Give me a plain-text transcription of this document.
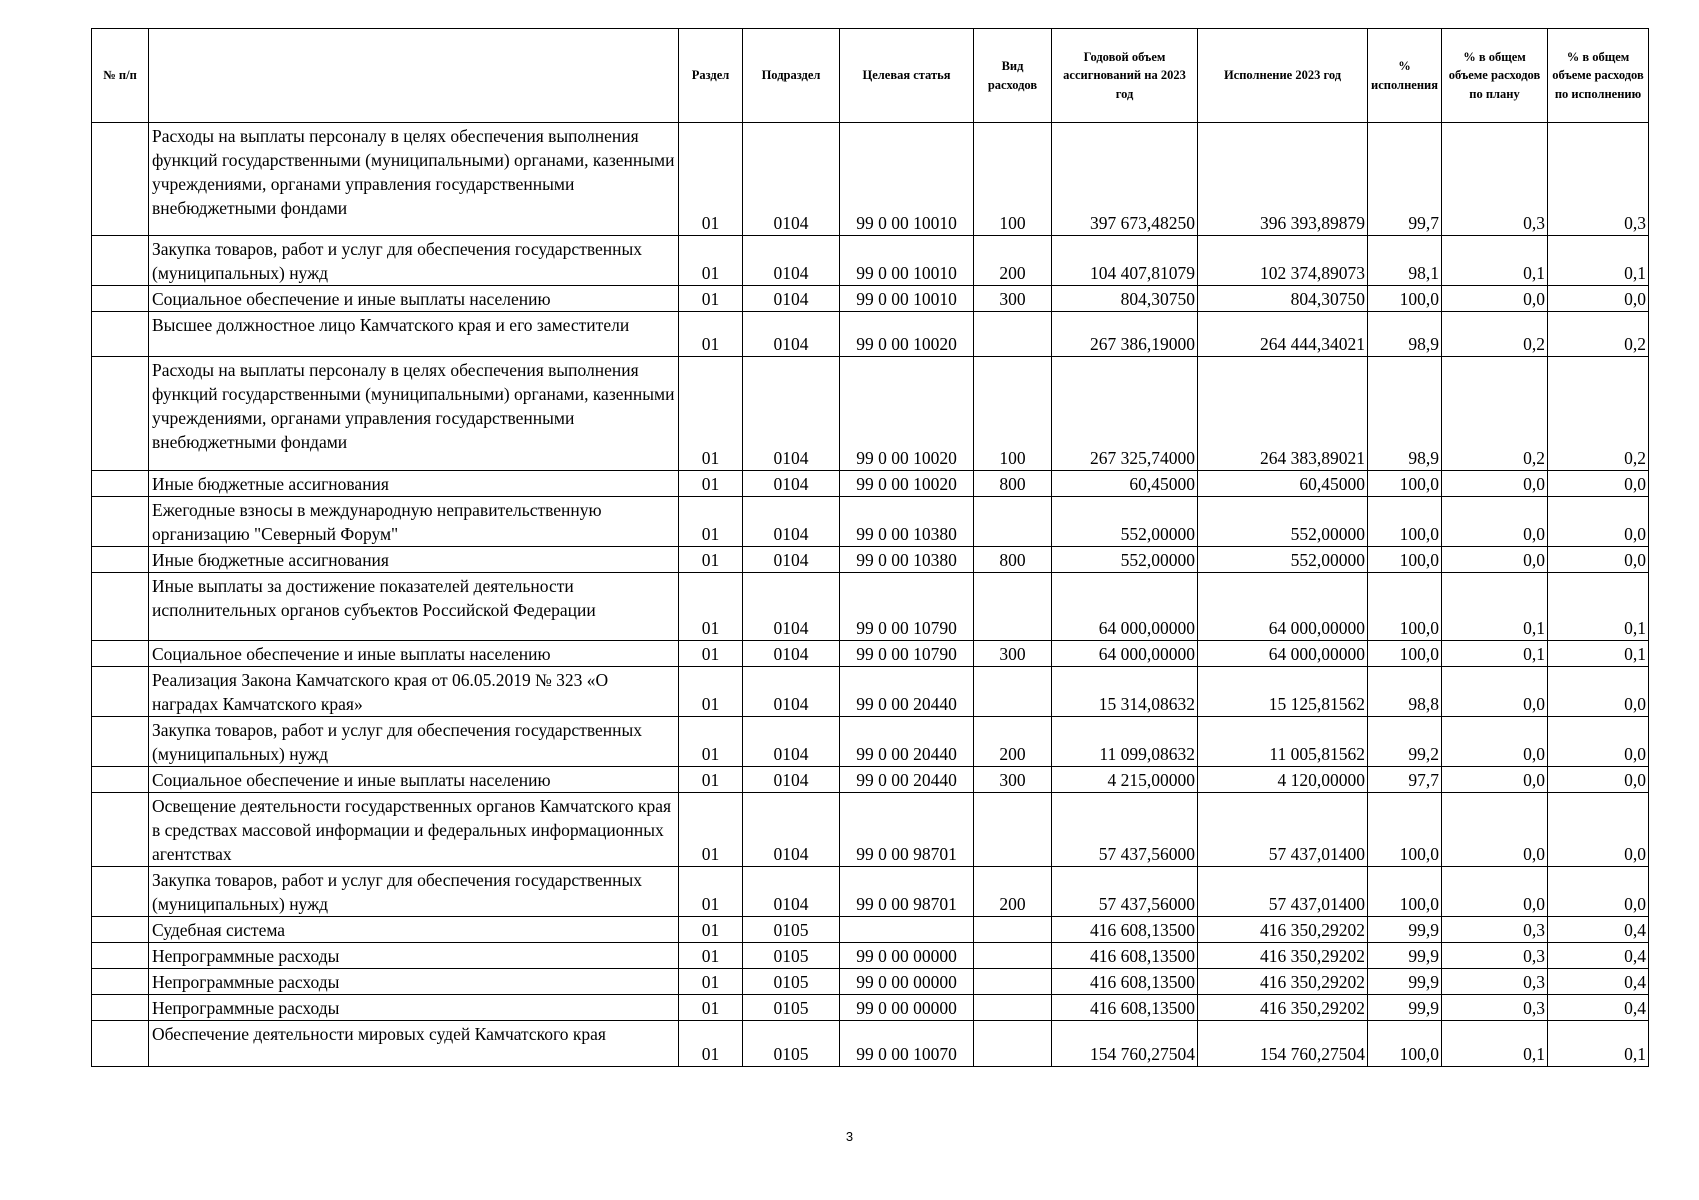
№ п/п		Раздел	Подраздел	Целевая статья	Вид расходов	Годовой объем ассигнований на 2023 год	Исполнение 2023 год	% исполнения	% в общем объеме расходов по плану	% в общем объеме расходов по исполнению
	Расходы на выплаты персоналу в целях обеспечения выполнения функций государственными (муниципальными) органами, казенными учреждениями, органами управления государственными внебюджетными фондами	01	0104	99 0 00 10010	100	397 673,48250	396 393,89879	99,7	0,3	0,3
	Закупка товаров, работ и услуг для обеспечения государственных (муниципальных) нужд	01	0104	99 0 00 10010	200	104 407,81079	102 374,89073	98,1	0,1	0,1
	Социальное обеспечение и иные выплаты населению	01	0104	99 0 00 10010	300	804,30750	804,30750	100,0	0,0	0,0
	Высшее должностное лицо Камчатского края и его заместители	01	0104	99 0 00 10020		267 386,19000	264 444,34021	98,9	0,2	0,2
	Расходы на выплаты персоналу в целях обеспечения выполнения функций государственными (муниципальными) органами, казенными учреждениями, органами управления государственными внебюджетными фондами	01	0104	99 0 00 10020	100	267 325,74000	264 383,89021	98,9	0,2	0,2
	Иные бюджетные ассигнования	01	0104	99 0 00 10020	800	60,45000	60,45000	100,0	0,0	0,0
	Ежегодные взносы в международную неправительственную организацию "Северный Форум"	01	0104	99 0 00 10380		552,00000	552,00000	100,0	0,0	0,0
	Иные бюджетные ассигнования	01	0104	99 0 00 10380	800	552,00000	552,00000	100,0	0,0	0,0
	Иные выплаты за достижение показателей деятельности исполнительных органов субъектов Российской Федерации	01	0104	99 0 00 10790		64 000,00000	64 000,00000	100,0	0,1	0,1
	Социальное обеспечение и иные выплаты населению	01	0104	99 0 00 10790	300	64 000,00000	64 000,00000	100,0	0,1	0,1
	Реализация Закона Камчатского края от 06.05.2019 № 323 «О наградах Камчатского края»	01	0104	99 0 00 20440		15 314,08632	15 125,81562	98,8	0,0	0,0
	Закупка товаров, работ и услуг для обеспечения государственных (муниципальных) нужд	01	0104	99 0 00 20440	200	11 099,08632	11 005,81562	99,2	0,0	0,0
	Социальное обеспечение и иные выплаты населению	01	0104	99 0 00 20440	300	4 215,00000	4 120,00000	97,7	0,0	0,0
	Освещение деятельности государственных органов Камчатского края в средствах массовой информации и федеральных информационных агентствах	01	0104	99 0 00 98701		57 437,56000	57 437,01400	100,0	0,0	0,0
	Закупка товаров, работ и услуг для обеспечения государственных (муниципальных) нужд	01	0104	99 0 00 98701	200	57 437,56000	57 437,01400	100,0	0,0	0,0
	Судебная система	01	0105			416 608,13500	416 350,29202	99,9	0,3	0,4
	Непрограммные расходы	01	0105	99 0 00 00000		416 608,13500	416 350,29202	99,9	0,3	0,4
	Непрограммные расходы	01	0105	99 0 00 00000		416 608,13500	416 350,29202	99,9	0,3	0,4
	Непрограммные расходы	01	0105	99 0 00 00000		416 608,13500	416 350,29202	99,9	0,3	0,4
	Обеспечение деятельности мировых судей Камчатского края	01	0105	99 0 00 10070		154 760,27504	154 760,27504	100,0	0,1	0,1
3
